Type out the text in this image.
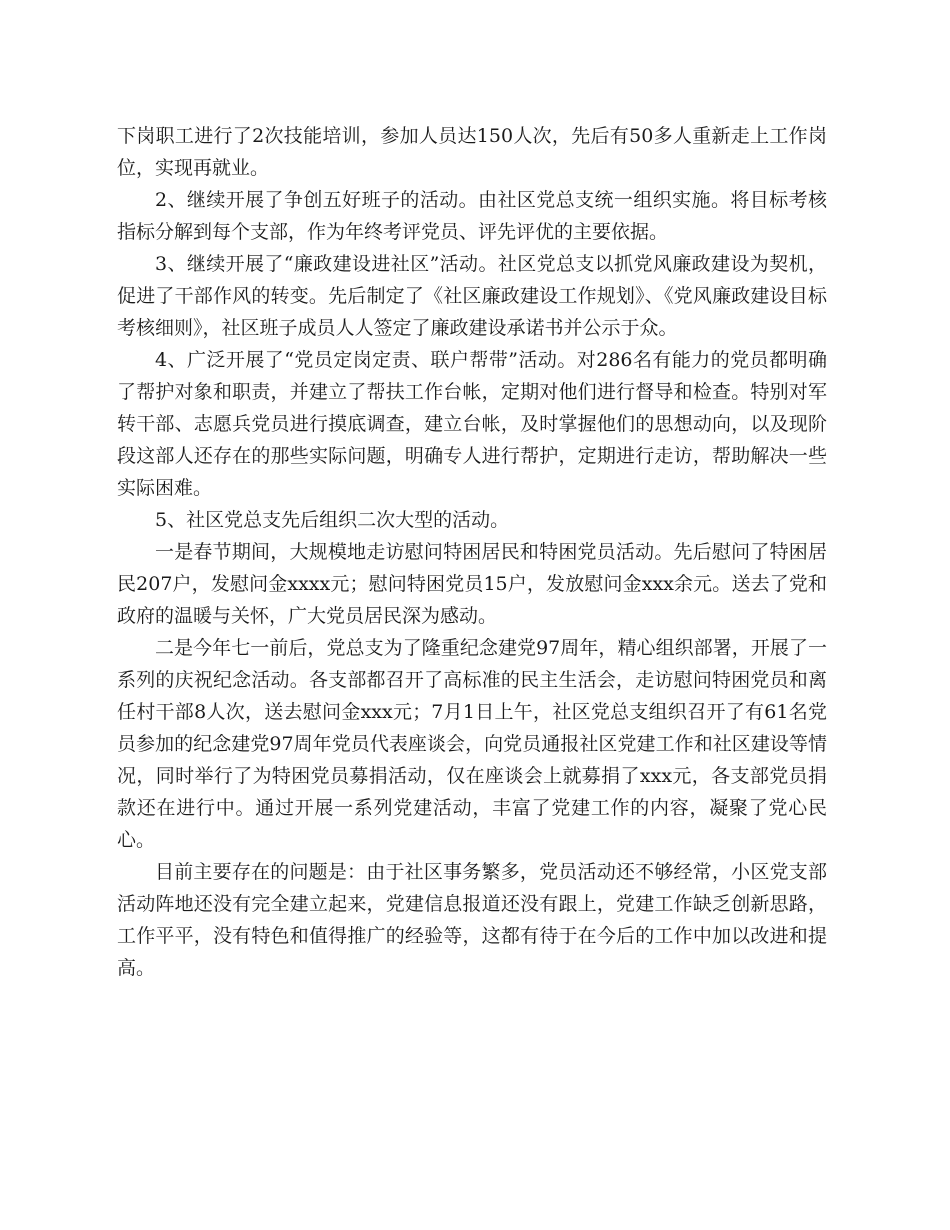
下岗职工进行了2次技能培训，参加人员达150人次，先后有50多人重新走上工作岗位，实现再就业。

2、继续开展了争创五好班子的活动。由社区党总支统一组织实施。将目标考核指标分解到每个支部，作为年终考评党员、评先评优的主要依据。

3、继续开展了“廉政建设进社区”活动。社区党总支以抓党风廉政建设为契机，促进了干部作风的转变。先后制定了《社区廉政建设工作规划》、《党风廉政建设目标考核细则》，社区班子成员人人签定了廉政建设承诺书并公示于众。

4、广泛开展了“党员定岗定责、联户帮带”活动。对286名有能力的党员都明确了帮护对象和职责，并建立了帮扶工作台帐，定期对他们进行督导和检查。特别对军转干部、志愿兵党员进行摸底调查，建立台帐，及时掌握他们的思想动向，以及现阶段这部人还存在的那些实际问题，明确专人进行帮护，定期进行走访，帮助解决一些实际困难。

5、社区党总支先后组织二次大型的活动。

一是春节期间，大规模地走访慰问特困居民和特困党员活动。先后慰问了特困居民207户，发慰问金xxxx元；慰问特困党员15户，发放慰问金xxx余元。送去了党和政府的温暖与关怀，广大党员居民深为感动。

二是今年七一前后，党总支为了隆重纪念建党97周年，精心组织部署，开展了一系列的庆祝纪念活动。各支部都召开了高标准的民主生活会，走访慰问特困党员和离任村干部8人次，送去慰问金xxx元；7月1日上午，社区党总支组织召开了有61名党员参加的纪念建党97周年党员代表座谈会，向党员通报社区党建工作和社区建设等情况，同时举行了为特困党员募捐活动，仅在座谈会上就募捐了xxx元，各支部党员捐款还在进行中。通过开展一系列党建活动，丰富了党建工作的内容，凝聚了党心民心。

目前主要存在的问题是：由于社区事务繁多，党员活动还不够经常，小区党支部活动阵地还没有完全建立起来，党建信息报道还没有跟上，党建工作缺乏创新思路，工作平平，没有特色和值得推广的经验等，这都有待于在今后的工作中加以改进和提高。
